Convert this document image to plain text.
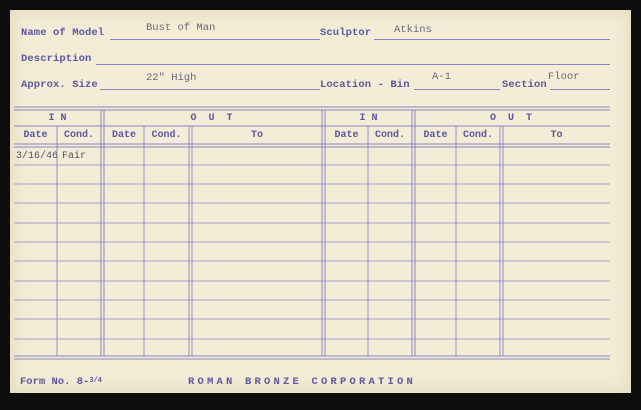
Name of Model	Bust of Man	Sculptor Atkins
Description
Approx. Size
22" High
Location - Bin
A-1
Section
Floor
I N	O U T	I N	O U T
Date	Cond.	Date	Cond.	To	Date	Cond.	Date	Cond.	To
3/16/46 Fair
Form No. 8-3/4	ROMAN BRONZE CORPORATION
